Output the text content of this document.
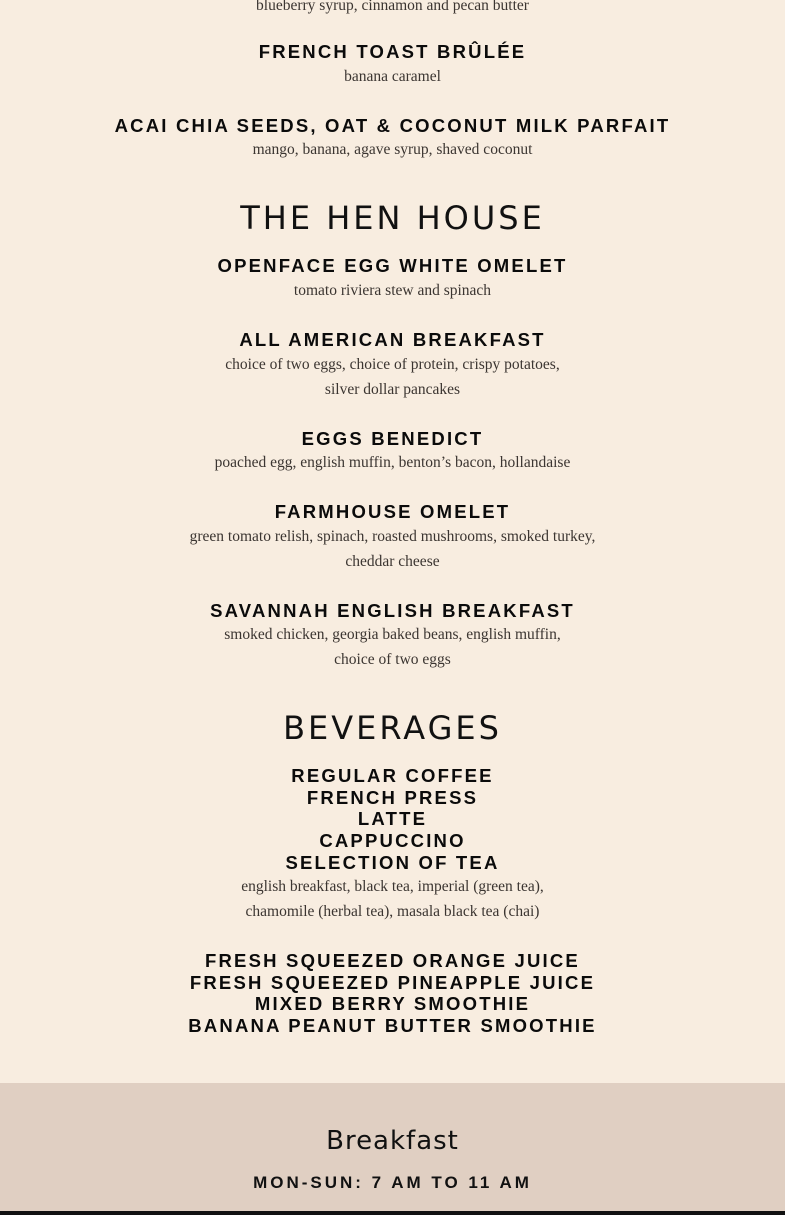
blueberry syrup, cinnamon and pecan butter
FRENCH TOAST BRÛLÉE
banana caramel
ACAI CHIA SEEDS, OAT & COCONUT MILK PARFAIT
mango, banana, agave syrup, shaved coconut
THE HEN HOUSE
OPENFACE EGG WHITE OMELET
tomato riviera stew and spinach
ALL AMERICAN BREAKFAST
choice of two eggs, choice of protein, crispy potatoes,
silver dollar pancakes
EGGS BENEDICT
poached egg, english muffin, benton’s bacon, hollandaise
FARMHOUSE OMELET
green tomato relish, spinach, roasted mushrooms, smoked turkey,
cheddar cheese
SAVANNAH ENGLISH BREAKFAST
smoked chicken, georgia baked beans, english muffin,
choice of two eggs
BEVERAGES
REGULAR COFFEE
FRENCH PRESS
LATTE
CAPPUCCINO
SELECTION OF TEA
english breakfast, black tea, imperial (green tea),
chamomile (herbal tea), masala black tea (chai)
FRESH SQUEEZED ORANGE JUICE
FRESH SQUEEZED PINEAPPLE JUICE
MIXED BERRY SMOOTHIE
BANANA PEANUT BUTTER SMOOTHIE
Breakfast
MON-SUN: 7 AM TO 11 AM
